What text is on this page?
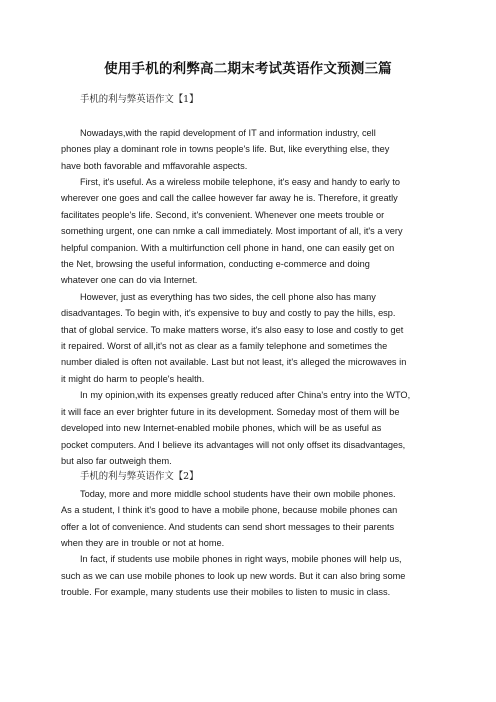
使用手机的利弊高二期末考试英语作文预测三篇
手机的利与弊英语作文【1】

Nowadays,with the rapid development of IT and information industry, cell
phones play a dominant role in towns people's life. But, like everything else, they
have both favorable and mffavorahle aspects.

First, it's useful. As a wireless mobile telephone, it's easy and handy to early to
wherever one goes and call the callee however far away he is. Therefore, it greatly
facilitates people's life. Second, it's convenient. Whenever one meets trouble or
something urgent, one can nmke a call immediately. Most important of all, it's a very
helpful companion. With a multirfunction cell phone in hand, one can easily get on
the Net, browsing the useful information, conducting e-commerce and doing
whatever one can do via Internet.

However, just as everything has two sides, the cell phone also has many
disadvantages. To begin with, it's expensive to buy and costly to pay the hills, esp.
that of global service. To make matters worse, it's also easy to lose and costly to get
it repaired. Worst of all,it's not as clear as a family telephone and sometimes the
number dialed is often not available. Last but not least, it's alleged the microwaves in
it might do harm to people's health.

In my opinion,with its expenses greatly reduced after China's entry into the WTO,
it will face an ever brighter future in its development. Someday most of them will be
developed into new Internet-enabled mobile phones, which will be as useful as
pocket computers. And I believe its advantages will not only offset its disadvantages,
but also far outweigh them.

手机的利与弊英语作文【2】

Today, more and more middle school students have their own mobile phones.
As a student, I think it's good to have a mobile phone, because mobile phones can
offer a lot of convenience. And students can send short messages to their parents
when they are in trouble or not at home.

In fact, if students use mobile phones in right ways, mobile phones will help us,
such as we can use mobile phones to look up new words. But it can also bring some
trouble. For example, many students use their mobiles to listen to music in class.
